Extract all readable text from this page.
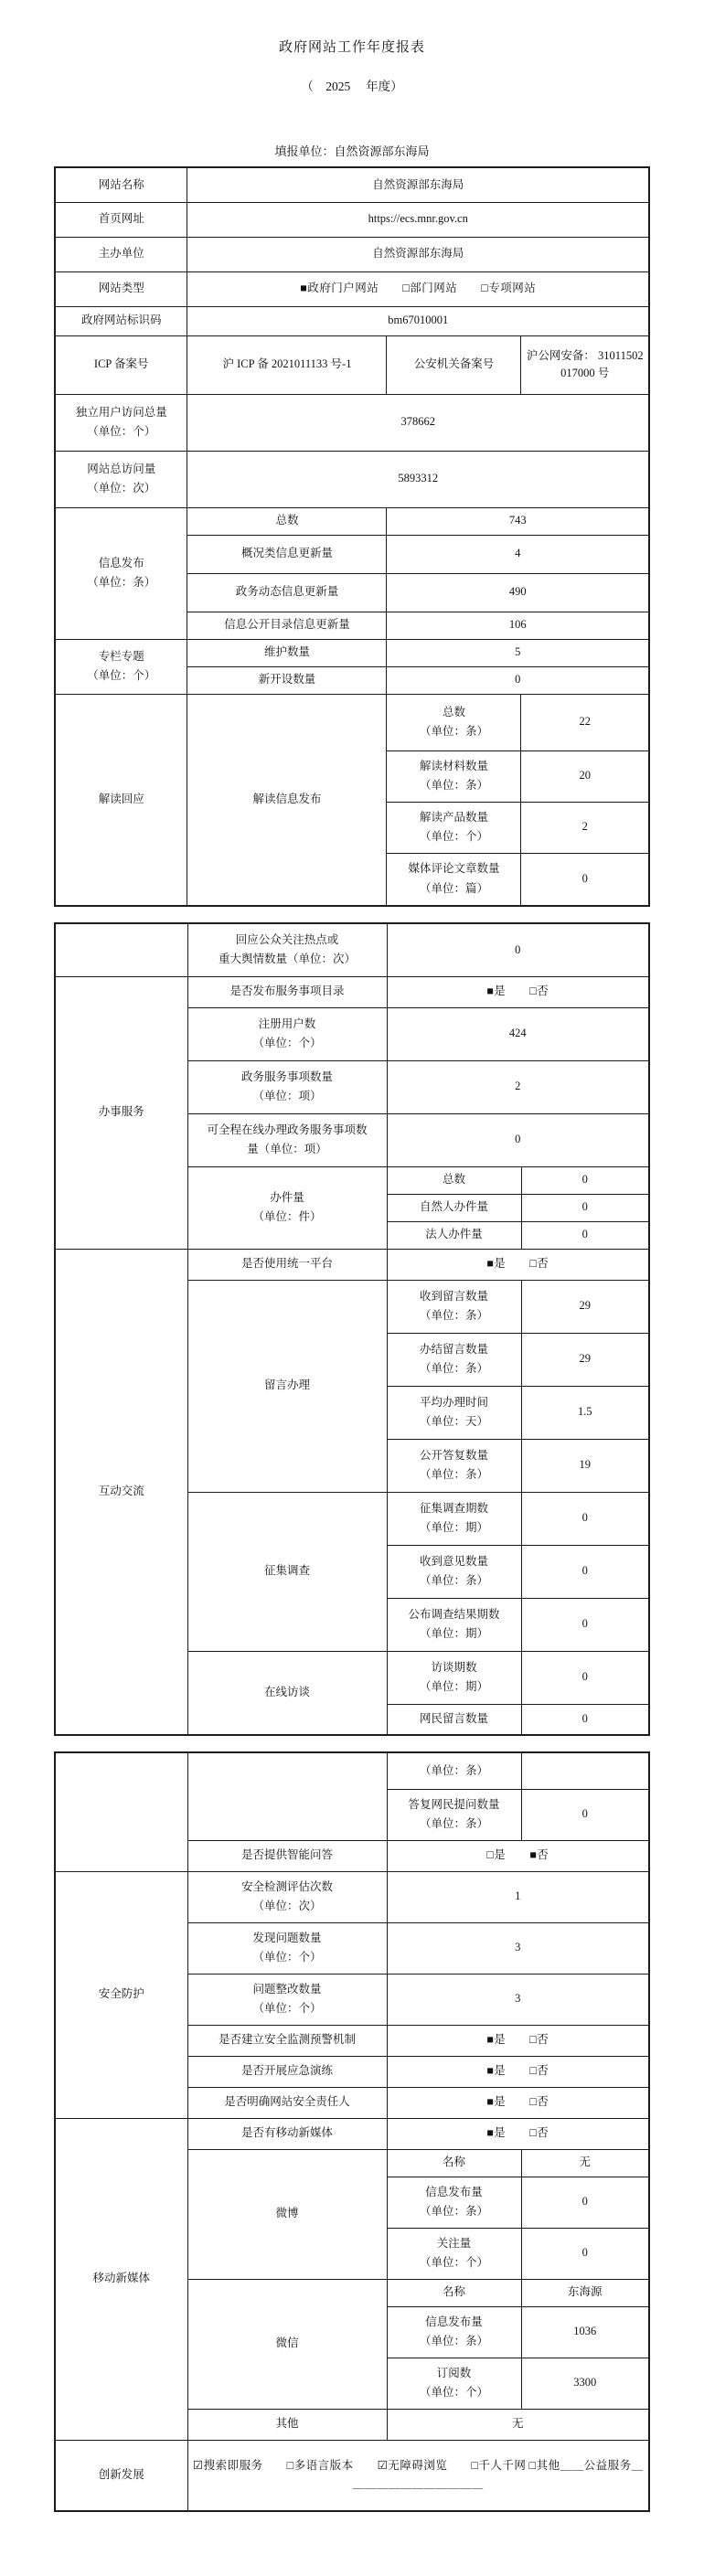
政府网站工作年度报表
（　2025　 年度）
填报单位：自然资源部东海局
网站名称	自然资源部东海局		
首页网址	https://ecs.mnr.gov.cn		
主办单位	自然资源部东海局		
网站类型	■政府门户网站　　□部门网站　　□专项网站		
政府网站标识码	bm67010001		
ICP 备案号	沪 ICP 备 2021011133 号-1	公安机关备案号	沪公网安备： 31011502017000 号

独立用户访问总量
（单位：个）	378662		

网站总访问量
（单位：次）	5893312		

信息发布
（单位：条）	总数	743	
	概况类信息更新量	4	
	政务动态信息更新量	490	
	信息公开目录信息更新量	106	

专栏专题
（单位：个）	维护数量	5	
	新开设数量	0	
解读回应	解读信息发布	总数
（单位：条）	22

		解读材料数量
（单位：条）	20

		解读产品数量
（单位：个）	2

		媒体评论文章数量
（单位：篇）	0

	回应公众关注热点或
重大舆情数量（单位：次）	0	
办事服务	是否发布服务事项目录	■是　　□否	

	注册用户数
（单位：个）	424	

	政务服务事项数量
（单位：项）	2	

	可全程在线办理政务服务事项数
量（单位：项）	0	

	办件量
（单位：件）	总数	0
		自然人办件量	0
		法人办件量	0
互动交流	是否使用统一平台	■是　　□否	
	留言办理	收到留言数量
（单位：条）	29

		办结留言数量
（单位：条）	29

		平均办理时间
（单位：天）	1.5

		公开答复数量
（单位：条）	19
	征集调查	征集调查期数
（单位：期）	0

		收到意见数量
（单位：条）	0

		公布调查结果期数
（单位：期）	0
	在线访谈	访谈期数
（单位：期）	0
		网民留言数量	0
		（单位：条）	

		答复网民提问数量
（单位：条）	0
	是否提供智能问答	□是　　■否	
安全防护	安全检测评估次数
（单位：次）	1	

	发现问题数量
（单位：个）	3	

	问题整改数量
（单位：个）	3	
	是否建立安全监测预警机制	■是　　□否	
	是否开展应急演练	■是　　□否	
	是否明确网站安全责任人	■是　　□否	
移动新媒体	是否有移动新媒体	■是　　□否	
	微博	名称	无

		信息发布量
（单位：条）	0

		关注量
（单位：个）	0
	微信	名称	东海源

		信息发布量
（单位：条）	1036

		订阅数
（单位：个）	3300
	其他	无	
创新发展	☑搜索即服务　　□多语言版本　　☑无障碍浏览　　□千人千网 □其他＿＿公益服务＿＿＿＿＿＿＿＿＿＿＿＿		
